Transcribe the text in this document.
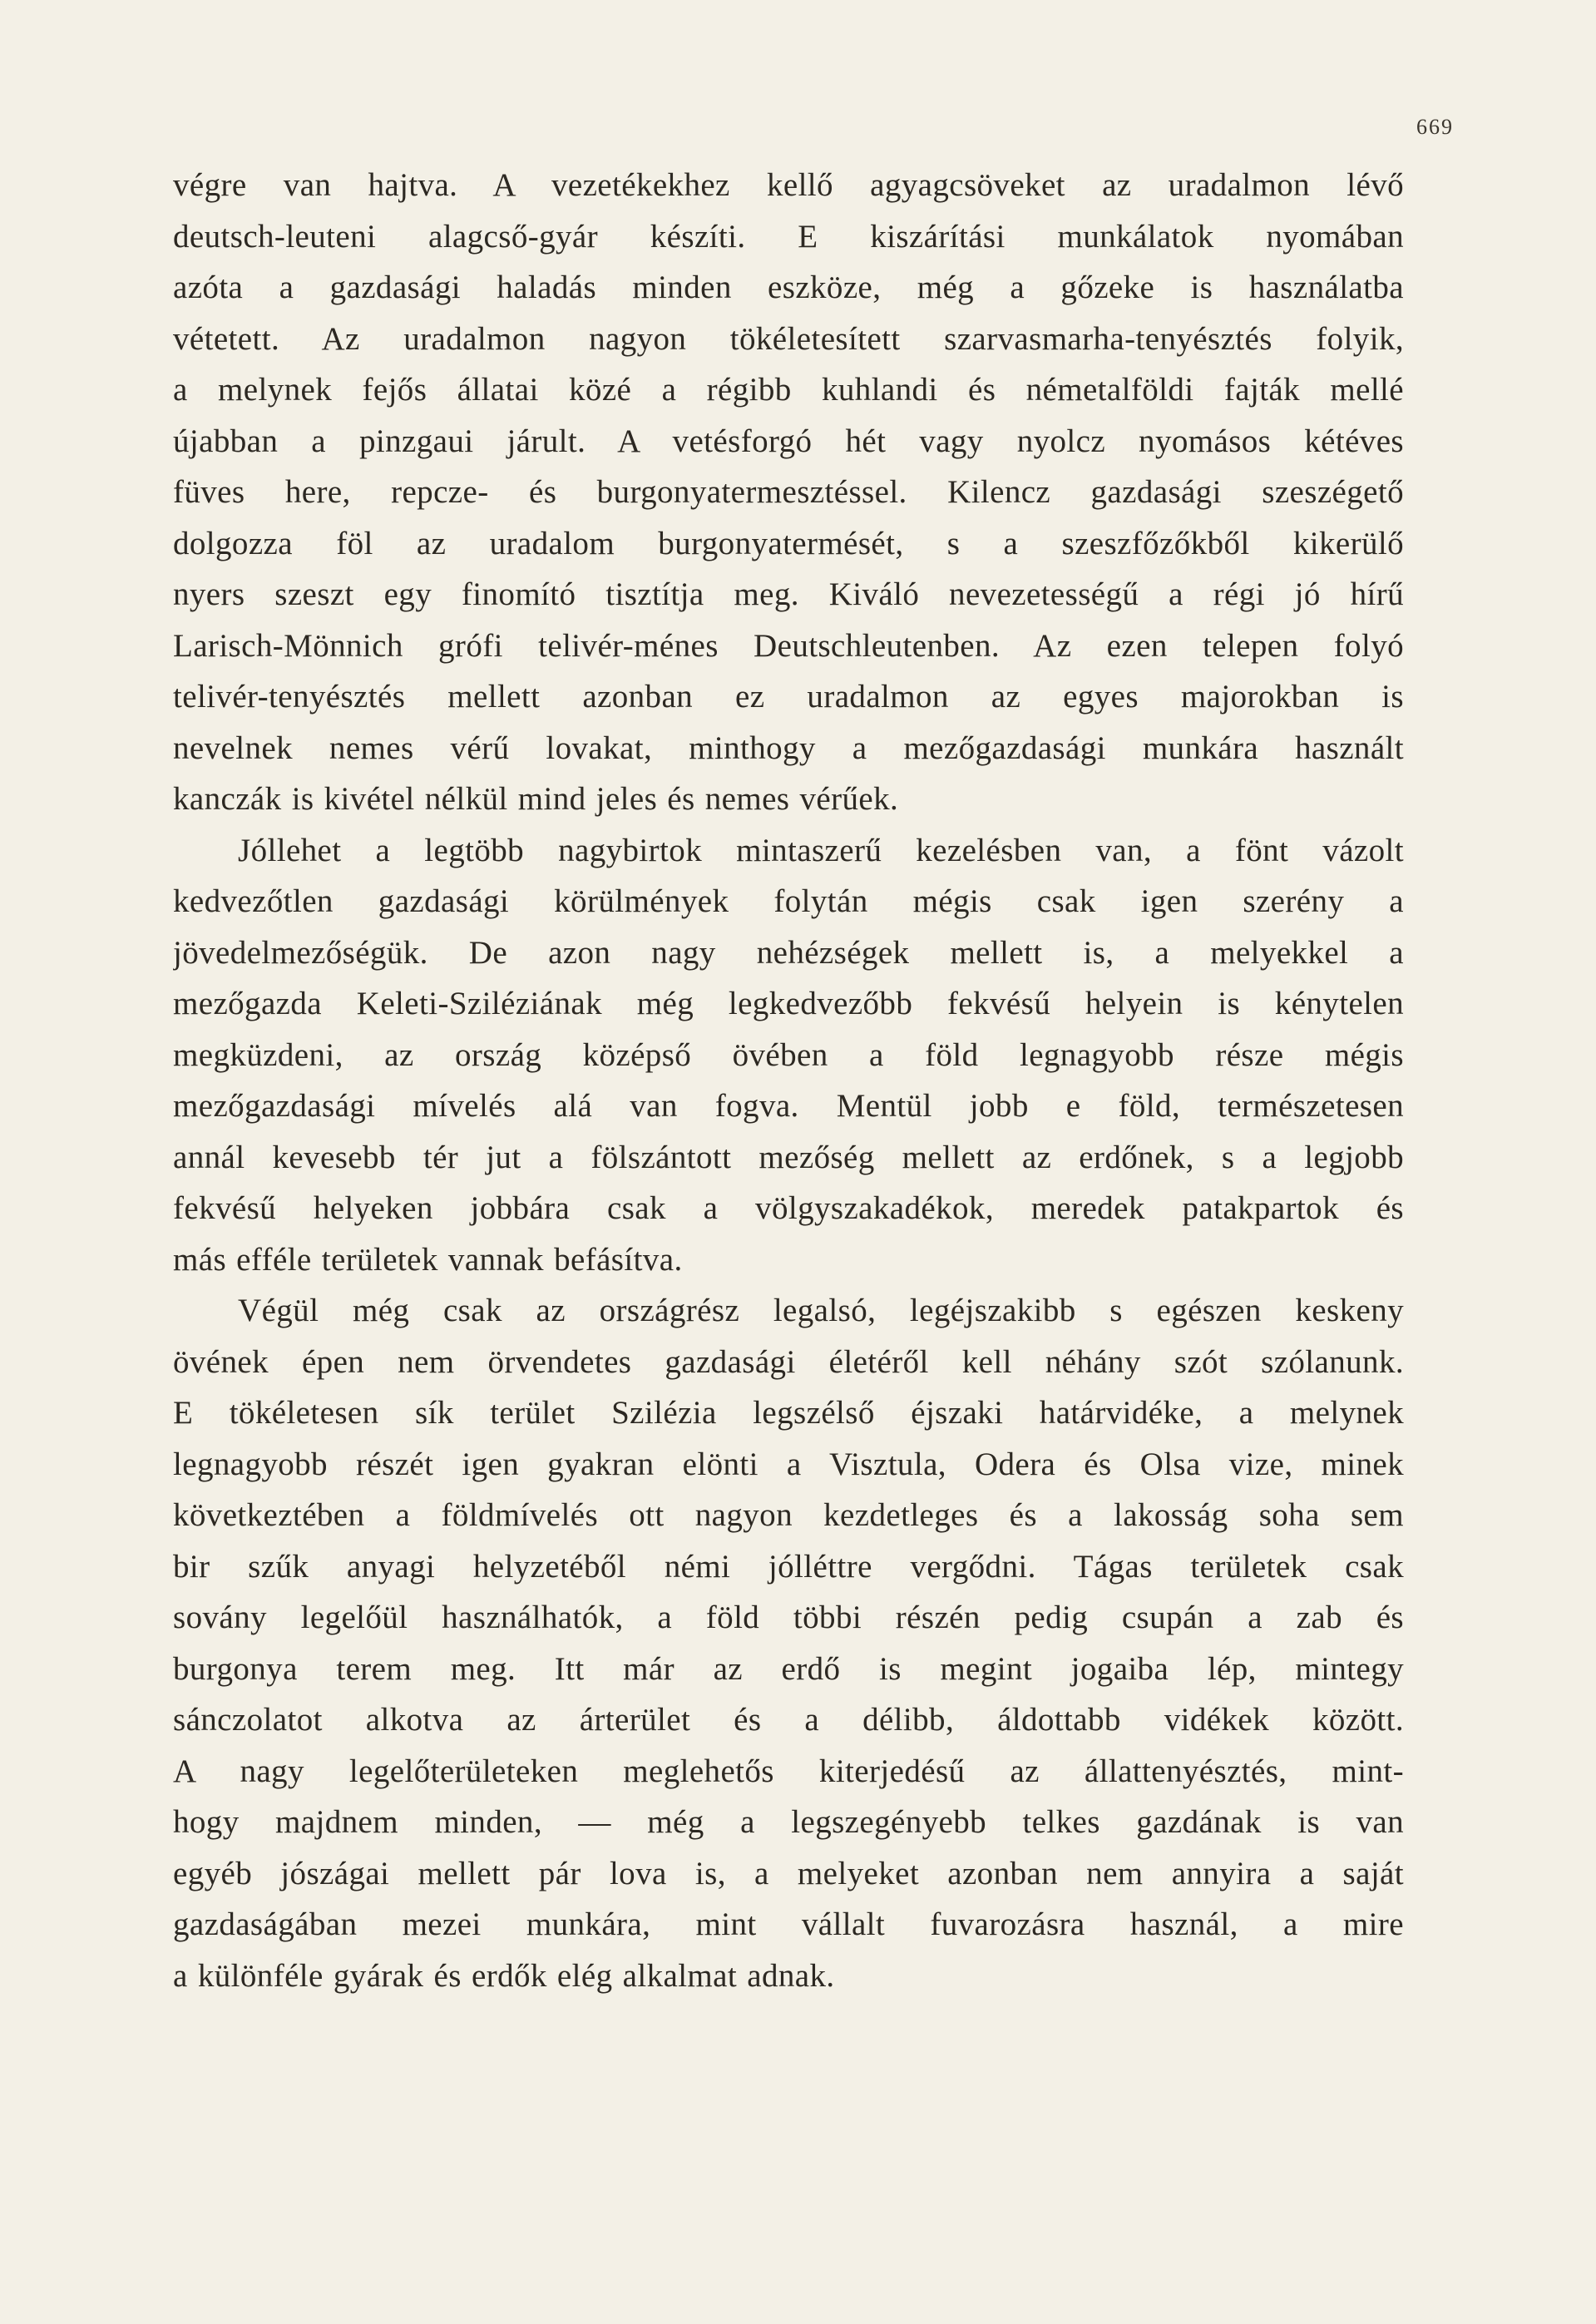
669
végre van hajtva. A vezetékekhez kellő agyagcsöveket az uradalmon lévő
deutsch-leuteni alagcső-gyár készíti. E kiszárítási munkálatok nyomában
azóta a gazdasági haladás minden eszköze, még a gőzeke is használatba
vétetett. Az uradalmon nagyon tökéletesített szarvasmarha-tenyésztés folyik,
a melynek fejős állatai közé a régibb kuhlandi és németalföldi fajták mellé
újabban a pinzgaui járult. A vetésforgó hét vagy nyolcz nyomásos kétéves
füves here, repcze- és burgonyatermesztéssel. Kilencz gazdasági szeszégető
dolgozza föl az uradalom burgonyatermését, s a szeszfőzőkből kikerülő
nyers szeszt egy finomító tisztítja meg. Kiváló nevezetességű a régi jó hírű
Larisch-Mönnich grófi telivér-ménes Deutschleutenben. Az ezen telepen folyó
telivér-tenyésztés mellett azonban ez uradalmon az egyes majorokban is
nevelnek nemes vérű lovakat, minthogy a mezőgazdasági munkára használt
kanczák is kivétel nélkül mind jeles és nemes vérűek.
Jóllehet a legtöbb nagybirtok mintaszerű kezelésben van, a fönt vázolt
kedvezőtlen gazdasági körülmények folytán mégis csak igen szerény a
jövedelmezőségük. De azon nagy nehézségek mellett is, a melyekkel a
mezőgazda Keleti-Sziléziának még legkedvezőbb fekvésű helyein is kénytelen
megküzdeni, az ország középső övében a föld legnagyobb része mégis
mezőgazdasági mívelés alá van fogva. Mentül jobb e föld, természetesen
annál kevesebb tér jut a fölszántott mezőség mellett az erdőnek, s a legjobb
fekvésű helyeken jobbára csak a völgyszakadékok, meredek patakpartok és
más efféle területek vannak befásítva.
Végül még csak az országrész legalsó, legéjszakibb s egészen keskeny
övének épen nem örvendetes gazdasági életéről kell néhány szót szólanunk.
E tökéletesen sík terület Szilézia legszélső éjszaki határvidéke, a melynek
legnagyobb részét igen gyakran elönti a Visztula, Odera és Olsa vize, minek
következtében a földmívelés ott nagyon kezdetleges és a lakosság soha sem
bir szűk anyagi helyzetéből némi jólléttre vergődni. Tágas területek csak
sovány legelőül használhatók, a föld többi részén pedig csupán a zab és
burgonya terem meg. Itt már az erdő is megint jogaiba lép, mintegy
sánczolatot alkotva az árterület és a délibb, áldottabb vidékek között.
A nagy legelőterületeken meglehetős kiterjedésű az állattenyésztés, mint-
hogy majdnem minden, — még a legszegényebb telkes gazdának is van
egyéb jószágai mellett pár lova is, a melyeket azonban nem annyira a saját
gazdaságában mezei munkára, mint vállalt fuvarozásra használ, a mire
a különféle gyárak és erdők elég alkalmat adnak.
